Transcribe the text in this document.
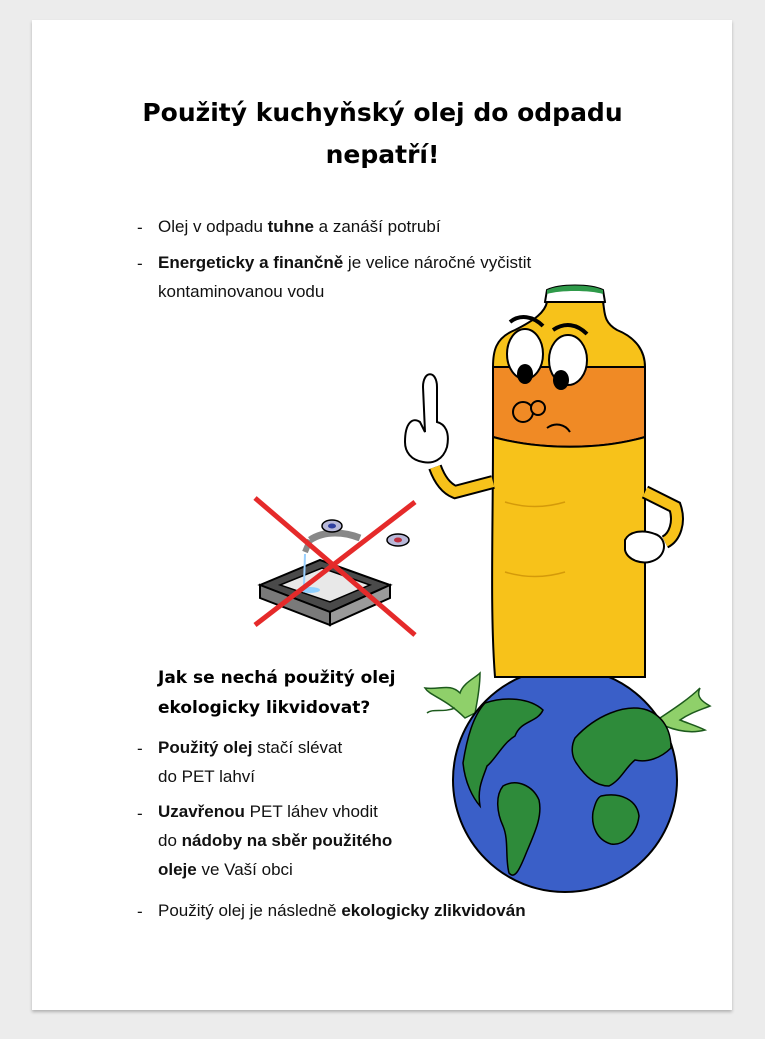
Použitý kuchyňský olej do odpadu
nepatří!
- Olej v odpadu tuhne a zanáší potrubí
- Energeticky a finančně je velice náročné vyčistit
kontaminovanou vodu
Jak se nechá použitý olej
ekologicky likvidovat?
- Použitý olej stačí slévat
do PET lahví
- Uzavřenou PET láhev vhodit
do nádoby na sběr použitého
oleje ve Vaší obci
- Použitý olej je následně ekologicky zlikvidován
